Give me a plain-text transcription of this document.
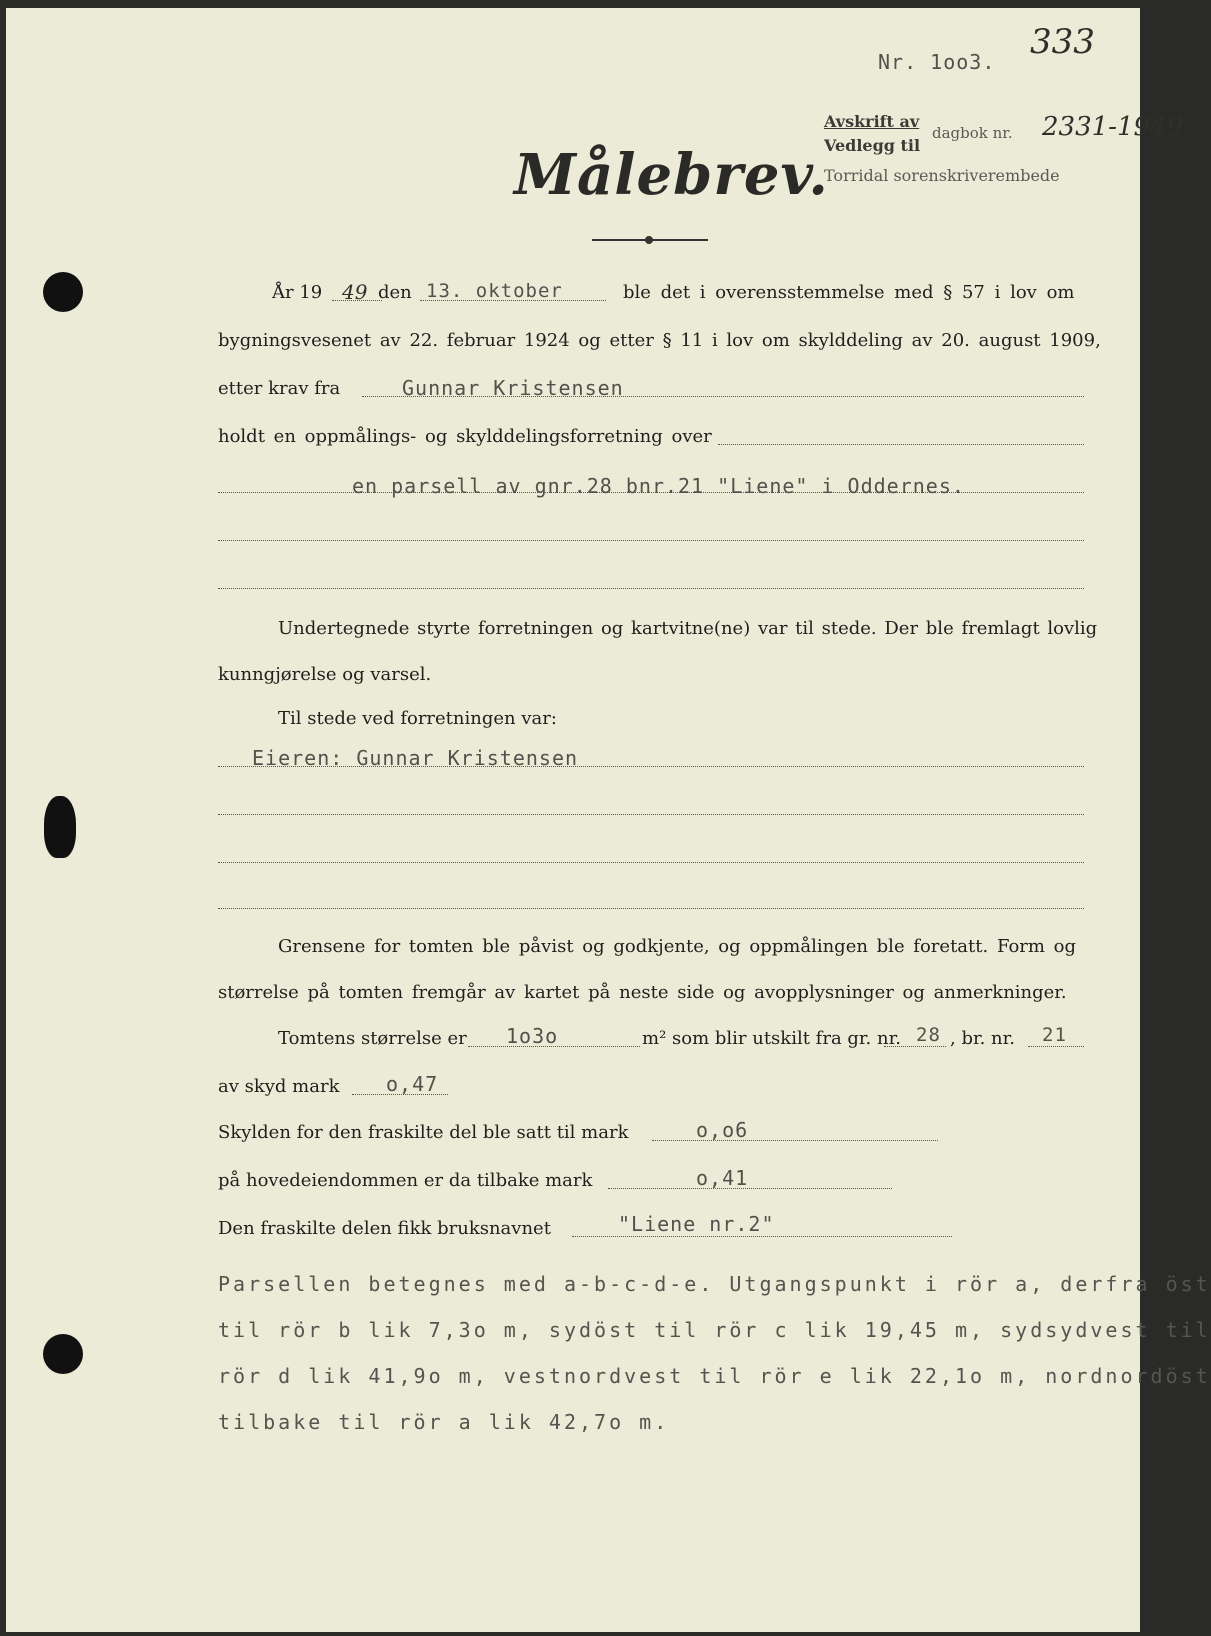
Nr. 1oo3. 333
Avskrift av
Vedlegg til
dagbok nr. 2331-1949
Torridal sorenskriverembede
Målebrev.
År 19 49 den 13. oktober	ble det i overensstemmelse med § 57 i lov om
bygningsvesenet av 22. februar 1924 og etter § 11 i lov om skylddeling av 20. august 1909,
etter krav fra	Gunnar Kristensen
holdt en oppmålings- og skylddelingsforretning over
en parsell av gnr.28 bnr.21 "Liene" i Oddernes.
Undertegnede styrte forretningen og kartvitne(ne) var til stede. Der ble fremlagt lovlig
kunngjørelse og varsel.
Til stede ved forretningen var:
Eieren: Gunnar Kristensen
Grensene for tomten ble påvist og godkjente, og oppmålingen ble foretatt. Form og
størrelse på tomten fremgår av kartet på neste side og avopplysninger og anmerkninger.
Tomtens størrelse er 1o3o	m² som blir utskilt fra gr. nr. 28 , br. nr. 21
av skyd mark o,47
Skylden for den fraskilte del ble satt til mark	o,o6
på hovedeiendommen er da tilbake mark	o,41
Den fraskilte delen fikk bruksnavnet	"Liene nr.2"
Parsellen betegnes med a-b-c-d-e. Utgangspunkt i rör a, derfra öst
til rör b lik 7,3o m, sydöst til rör c lik 19,45 m, sydsydvest til
rör d lik 41,9o m, vestnordvest til rör e lik 22,1o m, nordnordöst
tilbake til rör a lik 42,7o m.
